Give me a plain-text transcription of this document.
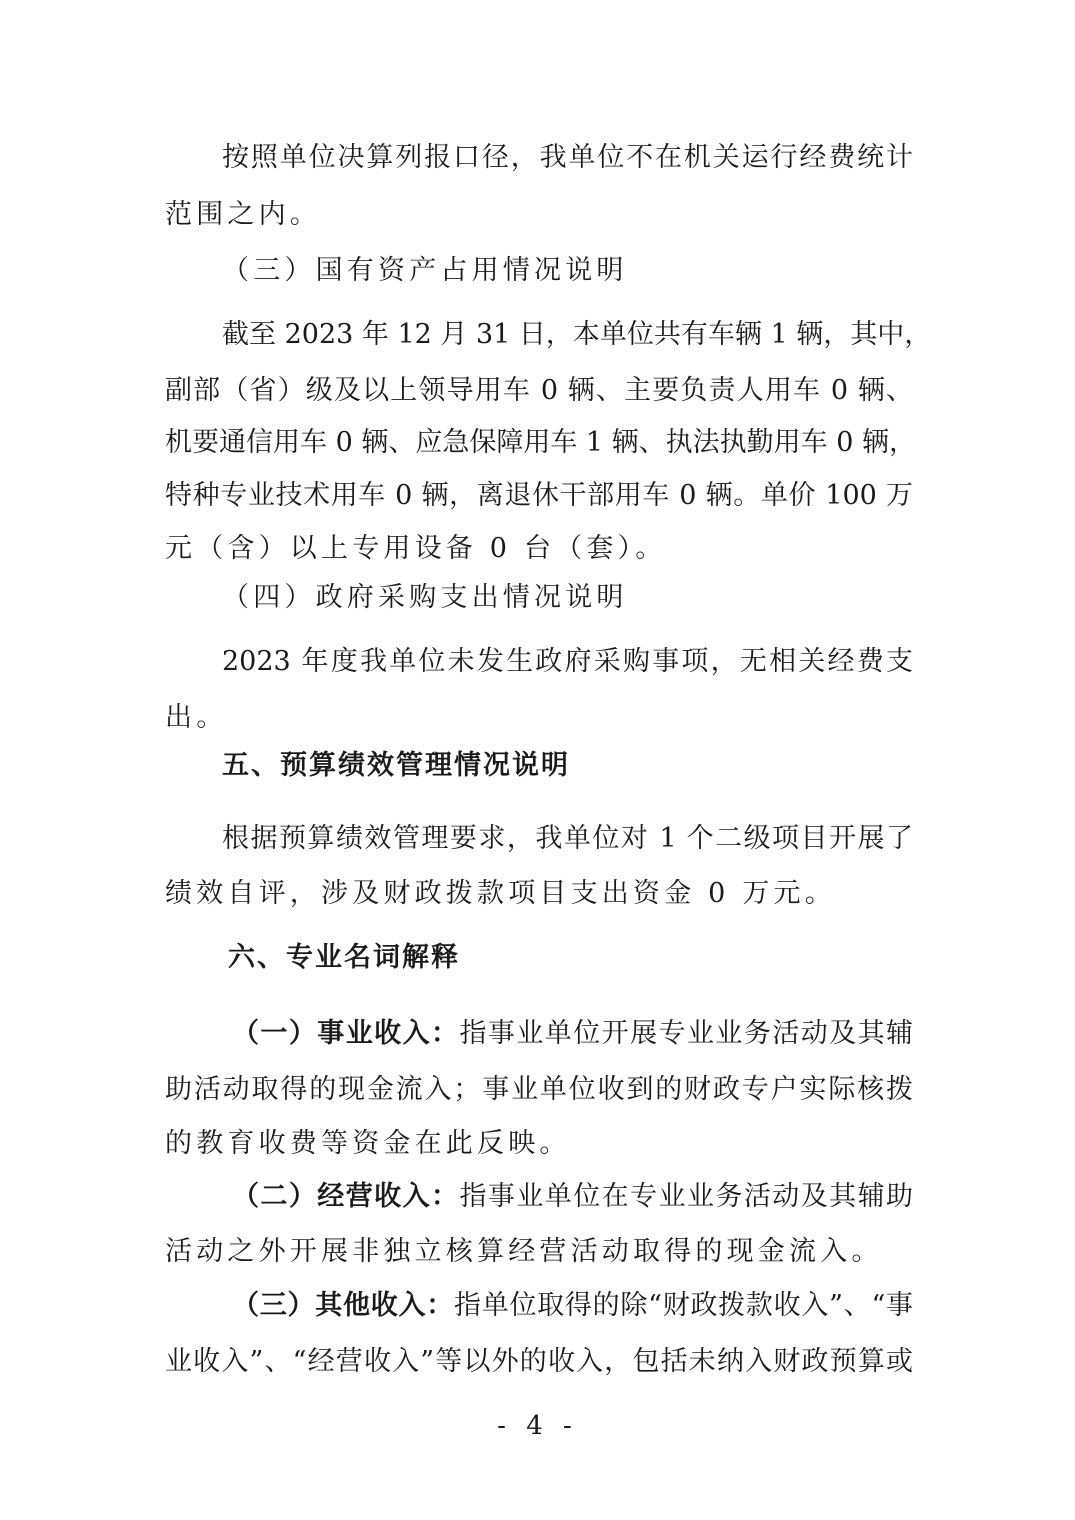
按照单位决算列报口径，我单位不在机关运行经费统计
范围之内。
（三）国有资产占用情况说明
截至 2023 年 12 月 31 日，本单位共有车辆 1 辆，其中，
副部（省）级及以上领导用车 0 辆、主要负责人用车 0 辆、
机要通信用车 0 辆、应急保障用车 1 辆、执法执勤用车 0 辆，
特种专业技术用车 0 辆，离退休干部用车 0 辆。单价 100 万
元（含）以上专用设备 0 台（套）。
（四）政府采购支出情况说明
2023 年度我单位未发生政府采购事项，无相关经费支
出。
五、预算绩效管理情况说明
根据预算绩效管理要求，我单位对 1 个二级项目开展了
绩效自评，涉及财政拨款项目支出资金 0 万元。
六、专业名词解释
（一）事业收入：指事业单位开展专业业务活动及其辅
助活动取得的现金流入；事业单位收到的财政专户实际核拨
的教育收费等资金在此反映。
（二）经营收入：指事业单位在专业业务活动及其辅助
活动之外开展非独立核算经营活动取得的现金流入。
（三）其他收入：指单位取得的除“财政拨款收入”、“事
业收入”、“经营收入”等以外的收入，包括未纳入财政预算或
- 4 -
